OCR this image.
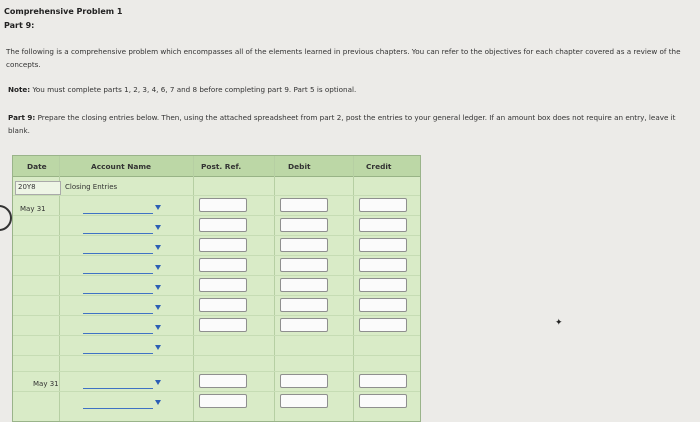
Comprehensive Problem 1
Part 9:
The following is a comprehensive problem which encompasses all of the elements learned in previous chapters. You can refer to the objectives for each chapter covered as a review of the concepts.
Note: You must complete parts 1, 2, 3, 4, 6, 7 and 8 before completing part 9. Part 5 is optional.
Part 9: Prepare the closing entries below. Then, using the attached spreadsheet from part 2, post the entries to your general ledger. If an amount box does not require an entry, leave it blank.
Date	Account Name	Post. Ref.	Debit	Credit
20Y8	Closing Entries
May 31
May 31
✦
